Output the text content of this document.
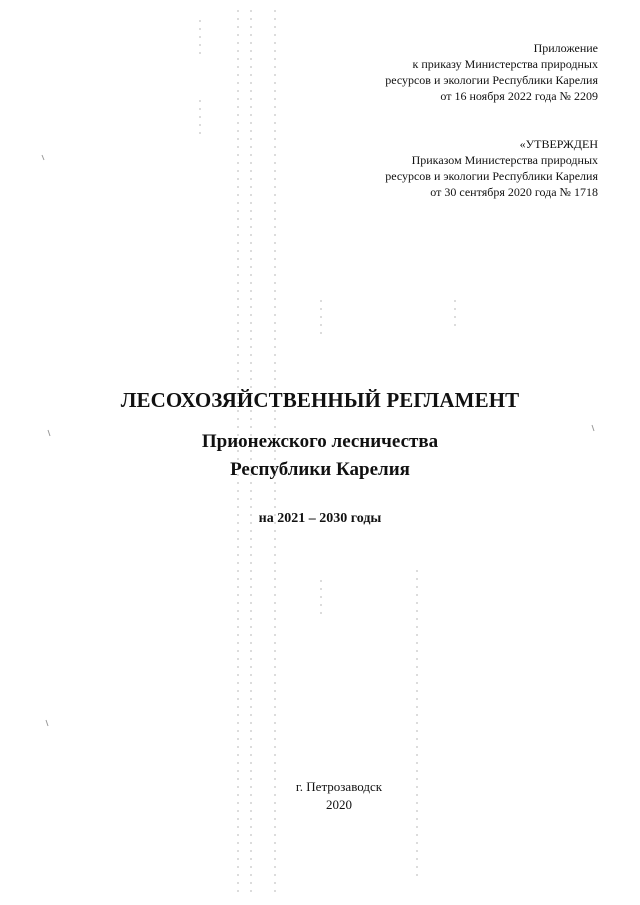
Приложение
к приказу Министерства природных
ресурсов и экологии Республики Карелия
от 16 ноября 2022 года № 2209
«УТВЕРЖДЕН
Приказом Министерства природных
ресурсов и экологии Республики Карелия
от 30 сентября 2020 года № 1718
ЛЕСОХОЗЯЙСТВЕННЫЙ РЕГЛАМЕНТ
Прионежского лесничества
Республики Карелия
на 2021 – 2030 годы
г. Петрозаводск
2020
